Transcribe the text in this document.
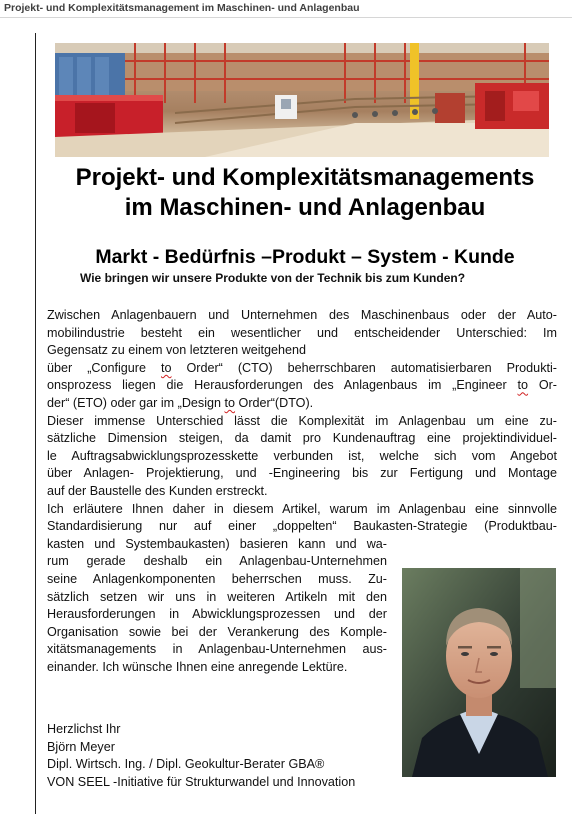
Projekt- und Komplexitätsmanagement im Maschinen- und Anlagenbau
Projekt- und Komplexitätsmanagements
im Maschinen- und Anlagenbau
Markt - Bedürfnis –Produkt – System - Kunde
Wie bringen wir unsere Produkte von der Technik bis zum Kunden?
Zwischen Anlagenbauern und Unternehmen des Maschinenbaus oder der Auto-
mobilindustrie besteht ein wesentlicher und entscheidender Unterschied: Im
Gegensatz zu einem von letzteren weitgehend
über „Configure to Order“ (CTO) beherrschbaren automatisierbaren Produkti-
onsprozess liegen die Herausforderungen des Anlagenbaus im „Engineer to Or-
der“ (ETO) oder gar im „Design to Order“(DTO).
Dieser immense Unterschied lässt die Komplexität im Anlagenbau um eine zu-
sätzliche Dimension steigen, da damit pro Kundenauftrag eine projektindividuel-
le Auftragsabwicklungsprozesskette verbunden ist, welche sich vom Angebot
über Anlagen- Projektierung, und -Engineering bis zur Fertigung und Montage
auf der Baustelle des Kunden erstreckt.
Ich erläutere Ihnen daher in diesem Artikel, warum im Anlagenbau eine sinnvolle
Standardisierung nur auf einer „doppelten“ Baukasten-Strategie (Produktbau-
kasten und Systembaukasten) basieren kann und wa-
rum gerade deshalb ein Anlagenbau-Unternehmen
seine Anlagenkomponenten beherrschen muss. Zu-
sätzlich setzen wir uns in weiteren Artikeln mit den
Herausforderungen in Abwicklungsprozessen und der
Organisation sowie bei der Verankerung des Komple-
xitätsmanagements in Anlagenbau-Unternehmen aus-
einander. Ich wünsche Ihnen eine anregende Lektüre.
Herzlichst Ihr
Björn Meyer
Dipl. Wirtsch. Ing. / Dipl. Geokultur-Berater GBA®
VON SEEL -Initiative für Strukturwandel und Innovation
